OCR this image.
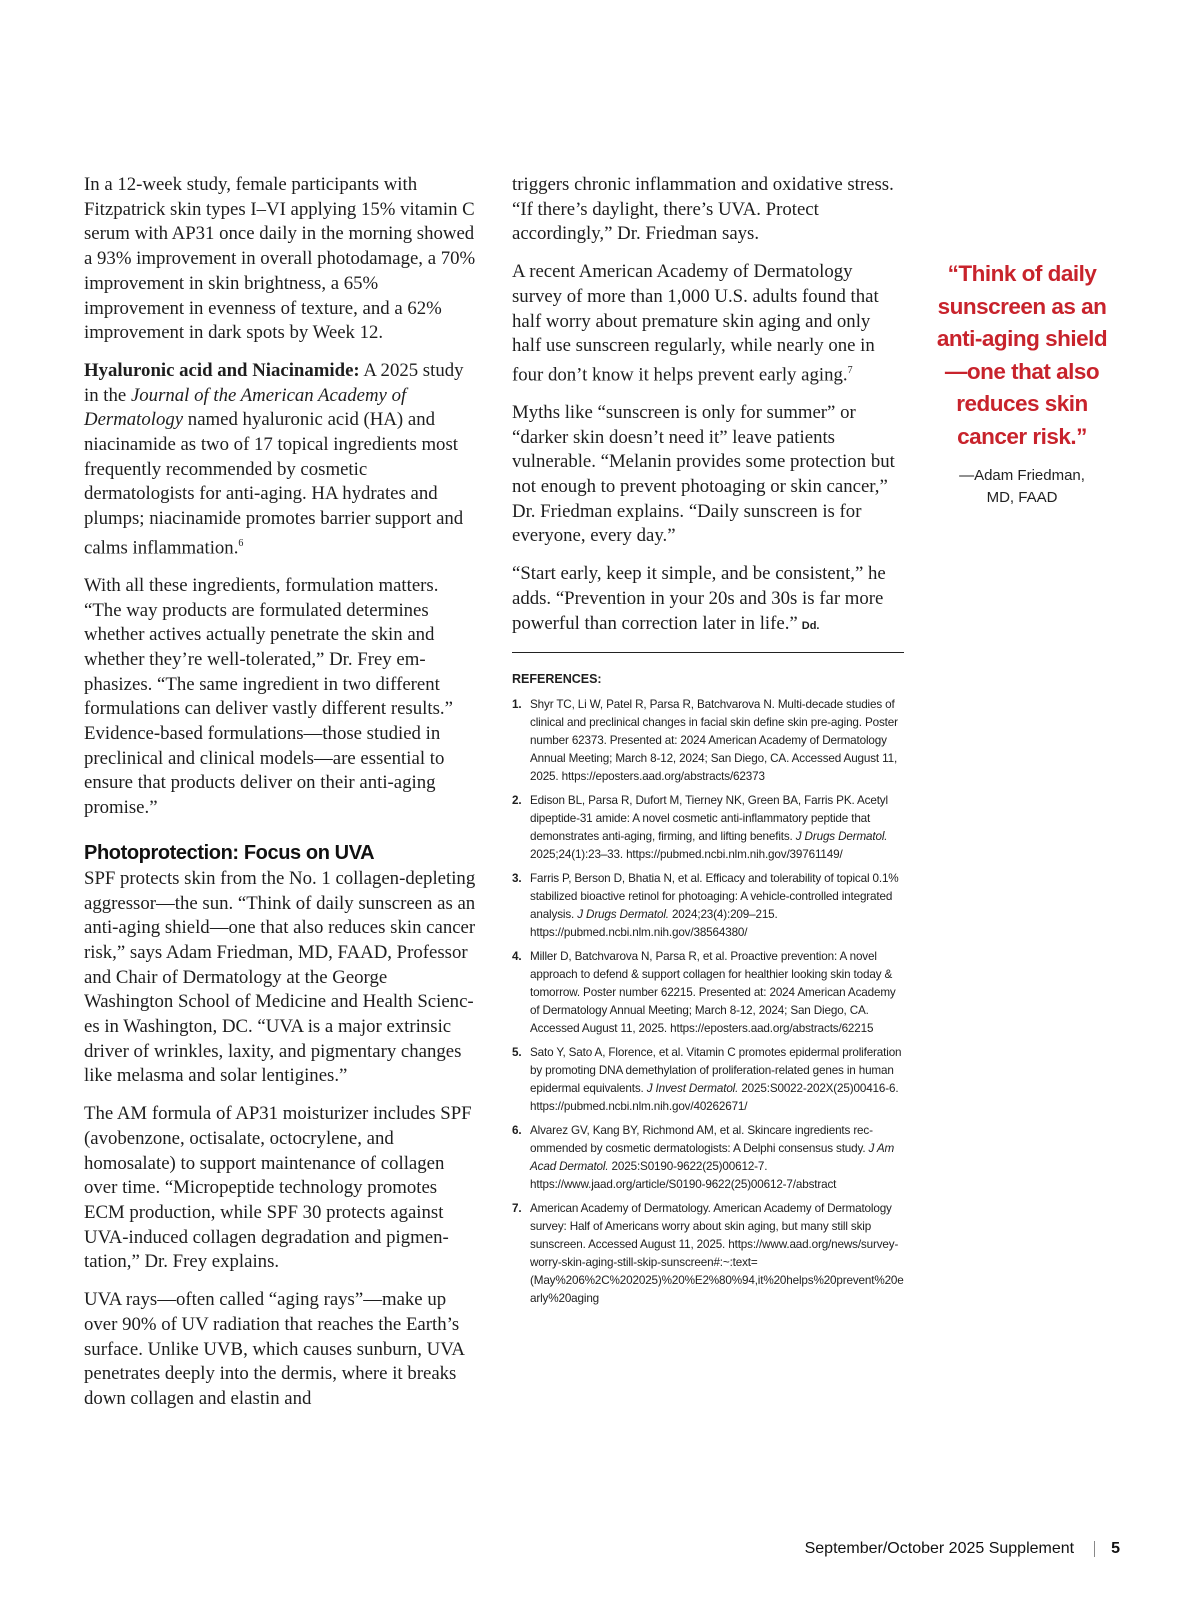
In a 12-week study, female participants with Fitzpatrick skin types I–VI applying 15% vitamin C serum with AP31 once daily in the morning showed a 93% improvement in overall photodamage, a 70% improvement in skin brightness, a 65% improvement in evenness of texture, and a 62% improvement in dark spots by Week 12.

Hyaluronic acid and Niacinamide: A 2025 study in the Journal of the American Academy of Dermatology named hyaluronic acid (HA) and niacinamide as two of 17 topical ingredients most frequently recommended by cosmetic dermatologists for anti-aging. HA hydrates and plumps; niacinamide promotes barrier support and calms inflammation.$^6$

With all these ingredients, formulation matters. “The way products are formulated determines whether actives actually penetrate the skin and whether they’re well-tolerated,” Dr. Frey emphasizes. “The same ingredient in two different formulations can deliver vastly different results.” Evidence-based formulations—those studied in preclinical and clinical models—are essential to ensure that products deliver on their anti-aging promise.”

Photoprotection: Focus on UVA

SPF protects skin from the No. 1 collagen-depleting aggressor—the sun. “Think of daily sunscreen as an anti-aging shield—one that also reduces skin cancer risk,” says Adam Friedman, MD, FAAD, Professor and Chair of Dermatology at the George Washington School of Medicine and Health Sciences in Washington, DC. “UVA is a major extrinsic driver of wrinkles, laxity, and pigmentary changes like melasma and solar lentigines.”

The AM formula of AP31 moisturizer includes SPF (avobenzone, octisalate, octocrylene, and homosalate) to support maintenance of collagen over time. “Micropeptide technology promotes ECM production, while SPF 30 protects against UVA-induced collagen degradation and pigmentation,” Dr. Frey explains.

UVA rays—often called “aging rays”—make up over 90% of UV radiation that reaches the Earth’s surface. Unlike UVB, which causes sunburn, UVA penetrates deeply into the dermis, where it breaks down collagen and elastin and

triggers chronic inflammation and oxidative stress. “If there’s daylight, there’s UVA. Protect accordingly,” Dr. Friedman says.

A recent American Academy of Dermatology survey of more than 1,000 U.S. adults found that half worry about premature skin aging and only half use sunscreen regularly, while nearly one in four don’t know it helps prevent early aging.$^7$

Myths like “sunscreen is only for summer” or “darker skin doesn’t need it” leave patients vulnerable. “Melanin provides some protection but not enough to prevent photoaging or skin cancer,” Dr. Friedman explains. “Daily sunscreen is for everyone, every day.”

“Start early, keep it simple, and be consistent,” he adds. “Prevention in your 20s and 30s is far more powerful than correction later in life.” Dd.

REFERENCES:
1. Shyr TC, Li W, Patel R, Parsa R, Batchvarova N. Multi-decade studies of clinical and preclinical changes in facial skin define skin pre-aging. Poster number 62373. Presented at: 2024 American Academy of Dermatology Annual Meeting; March 8-12, 2024; San Diego, CA. Accessed August 11, 2025. https://eposters.aad.org/abstracts/62373
2. Edison BL, Parsa R, Dufort M, Tierney NK, Green BA, Farris PK. Acetyl dipeptide-31 amide: A novel cosmetic anti-inflammatory peptide that demonstrates anti-aging, firming, and lifting benefits. J Drugs Dermatol. 2025;24(1):23–33. https://pubmed.ncbi.nlm.nih.gov/39761149/
3. Farris P, Berson D, Bhatia N, et al. Efficacy and tolerability of topical 0.1% stabilized bioactive retinol for photoaging: A vehicle-controlled integrated analysis. J Drugs Dermatol. 2024;23(4):209–215. https://pubmed.ncbi.nlm.nih.gov/38564380/
4. Miller D, Batchvarova N, Parsa R, et al. Proactive prevention: A novel approach to defend & support collagen for healthier looking skin today & tomorrow. Poster number 62215. Presented at: 2024 American Academy of Dermatology Annual Meeting; March 8-12, 2024; San Diego, CA. Accessed August 11, 2025. https://eposters.aad.org/abstracts/62215
5. Sato Y, Sato A, Florence, et al. Vitamin C promotes epidermal proliferation by promoting DNA demethylation of proliferation-related genes in human epidermal equivalents. J Invest Dermatol. 2025:S0022-202X(25)00416-6. https://pubmed.ncbi.nlm.nih.gov/40262671/
6. Alvarez GV, Kang BY, Richmond AM, et al. Skincare ingredients recommended by cosmetic dermatologists: A Delphi consensus study. J Am Acad Dermatol. 2025:S0190-9622(25)00612-7. https://www.jaad.org/article/S0190-9622(25)00612-7/abstract
7. American Academy of Dermatology. American Academy of Dermatology survey: Half of Americans worry about skin aging, but many still skip sunscreen. Accessed August 11, 2025. https://www.aad.org/news/survey-worry-skin-aging-still-skip-sunscreen#:~:text=(May%206%2C%202025)%20%E2%80%94,it%20helps%20prevent%20early%20aging
“Think of daily sunscreen as an anti-aging shield—one that also reduces skin cancer risk.”
—Adam Friedman,
MD, FAAD
September/October 2025 Supplement 5
